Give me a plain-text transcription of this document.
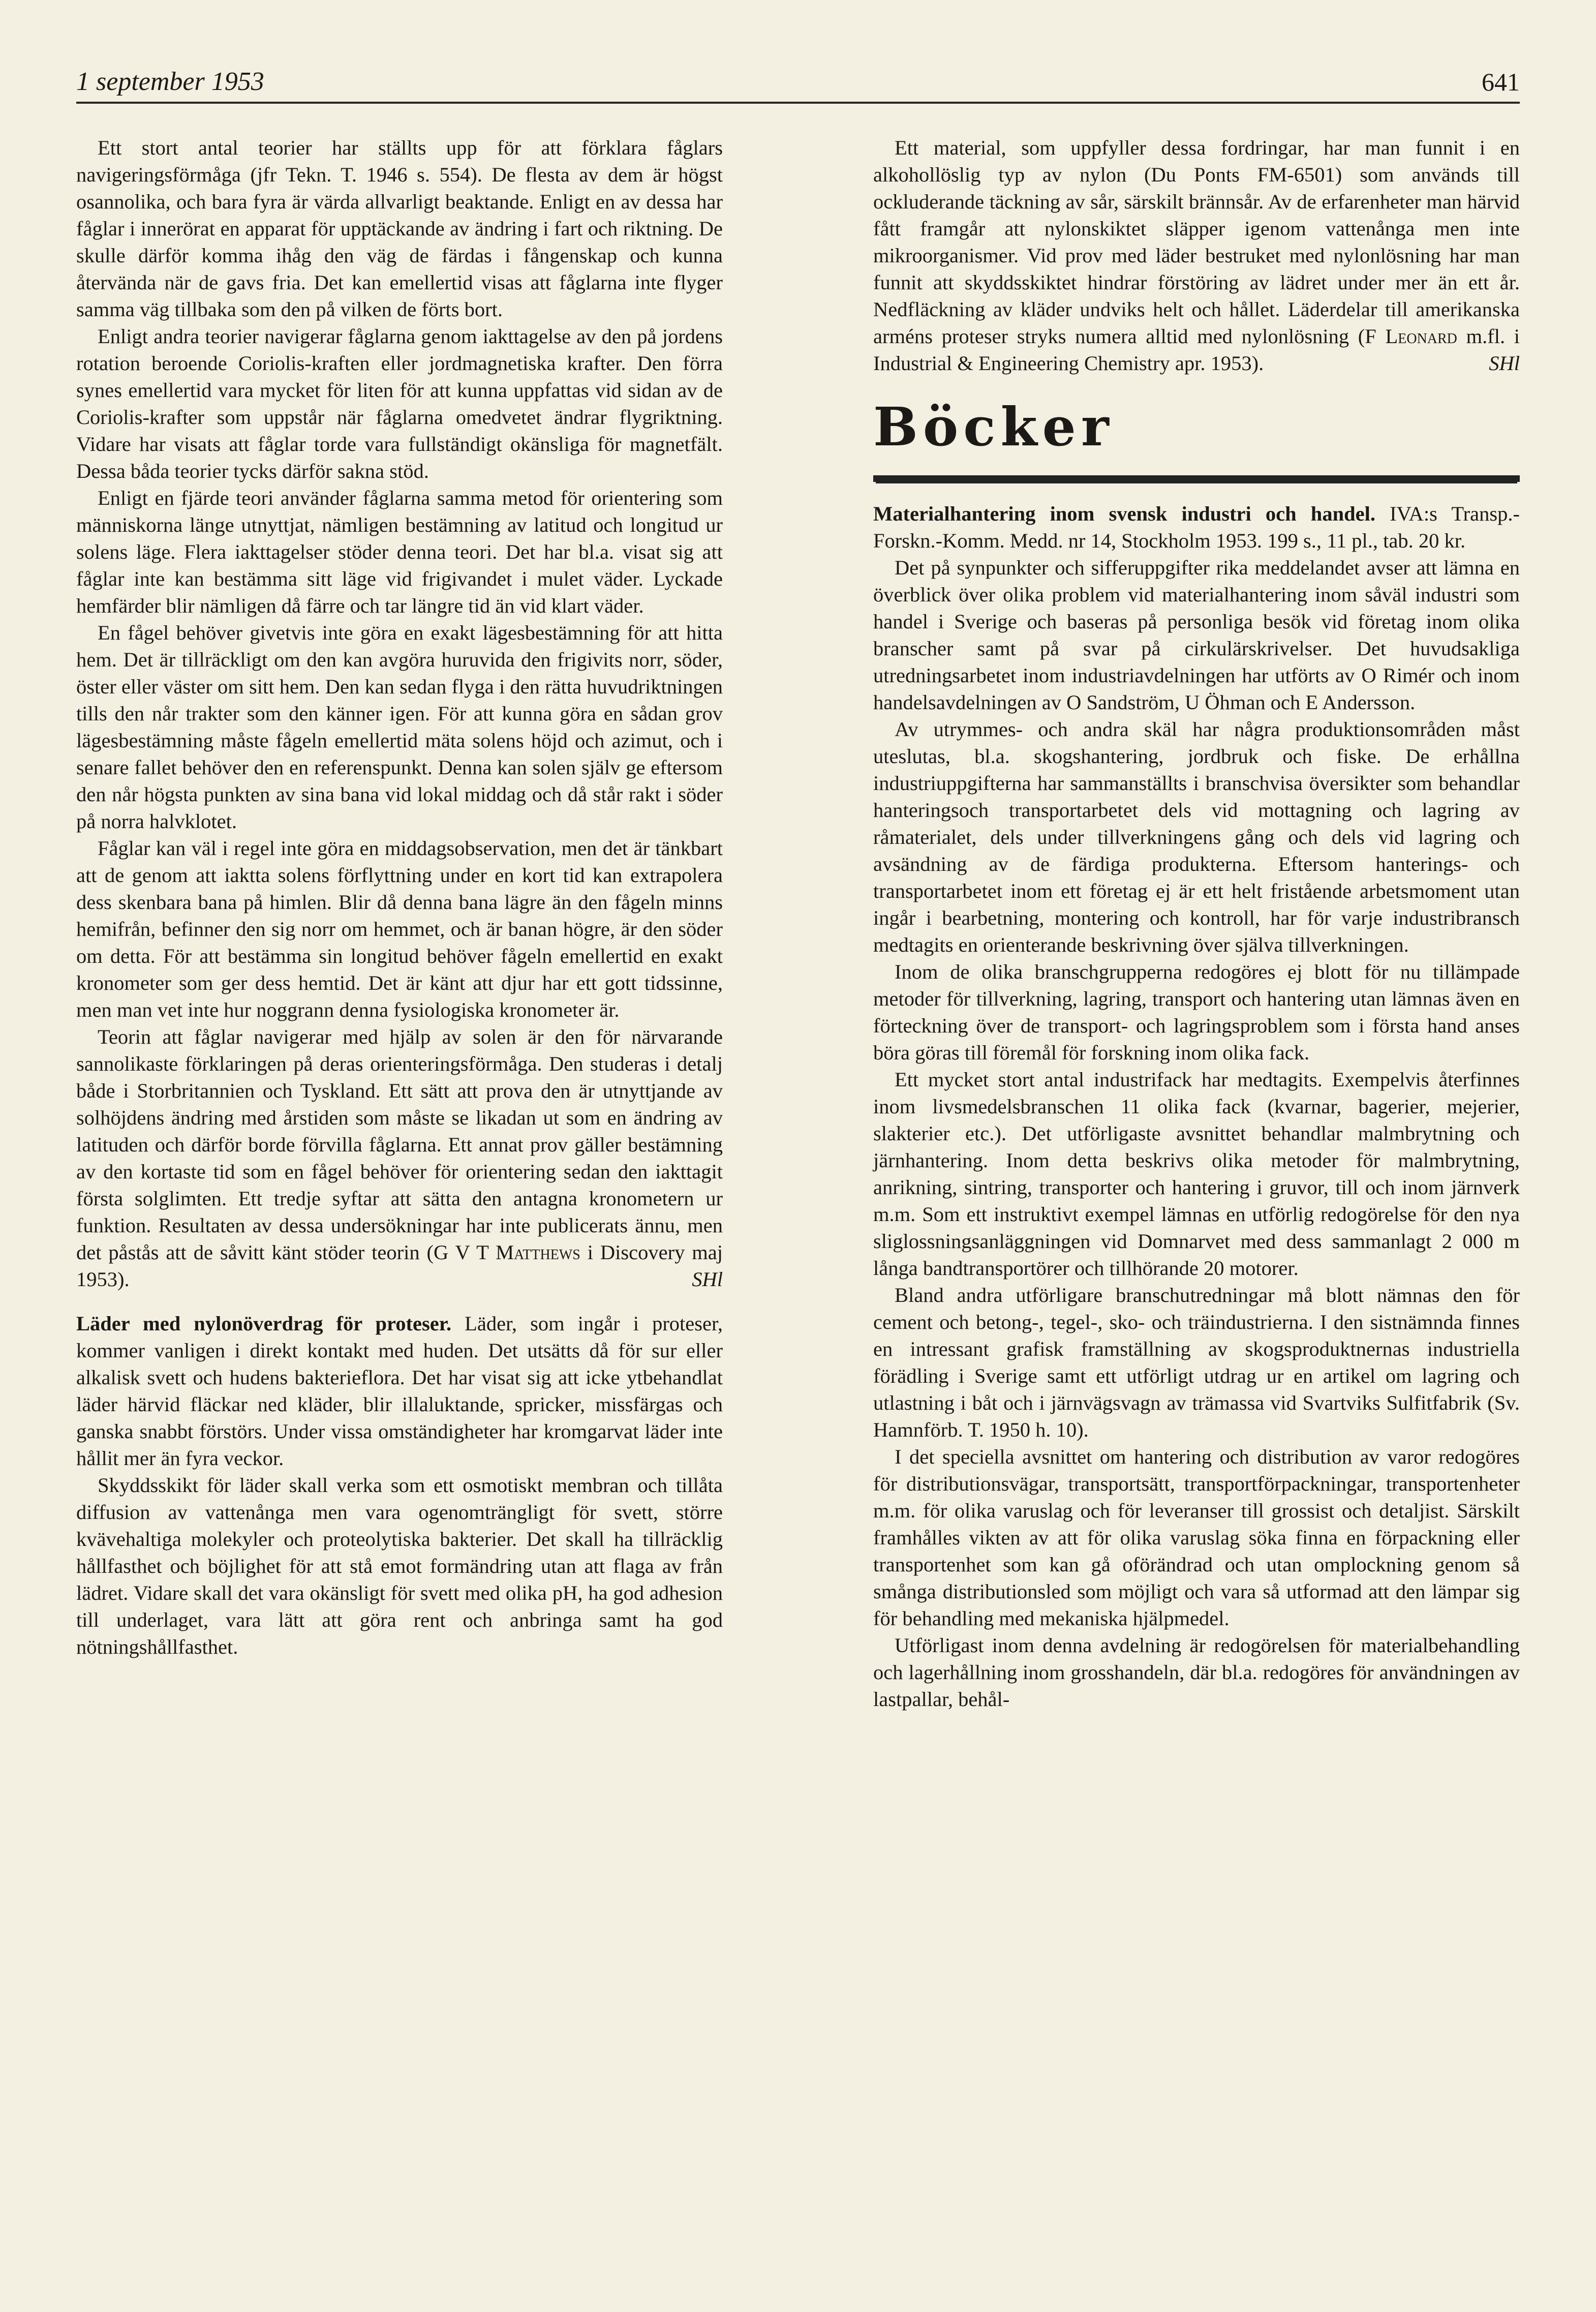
1 september 1953	641

Ett stort antal teorier har ställts upp för att förklara fåglars navigeringsförmåga (jfr Tekn. T. 1946 s. 554). De flesta av dem är högst osannolika, och bara fyra är värda allvarligt beaktande. Enligt en av dessa har fåglar i innerörat en apparat för upptäckande av ändring i fart och riktning. De skulle därför komma ihåg den väg de färdas i fångenskap och kunna återvända när de gavs fria. Det kan emellertid visas att fåglarna inte flyger samma väg tillbaka som den på vilken de förts bort.

Enligt andra teorier navigerar fåglarna genom iakttagelse av den på jordens rotation beroende Coriolis-kraften eller jordmagnetiska krafter. Den förra synes emellertid vara mycket för liten för att kunna uppfattas vid sidan av de Coriolis-krafter som uppstår när fåglarna omedvetet ändrar flygriktning. Vidare har visats att fåglar torde vara fullständigt okänsliga för magnetfält. Dessa båda teorier tycks därför sakna stöd.

Enligt en fjärde teori använder fåglarna samma metod för orientering som människorna länge utnyttjat, nämligen bestämning av latitud och longitud ur solens läge. Flera iakttagelser stöder denna teori. Det har bl.a. visat sig att fåglar inte kan bestämma sitt läge vid frigivandet i mulet väder. Lyckade hemfärder blir nämligen då färre och tar längre tid än vid klart väder.

En fågel behöver givetvis inte göra en exakt lägesbestämning för att hitta hem. Det är tillräckligt om den kan avgöra huruvida den frigivits norr, söder, öster eller väster om sitt hem. Den kan sedan flyga i den rätta huvudriktningen tills den når trakter som den känner igen. För att kunna göra en sådan grov lägesbestämning måste fågeln emellertid mäta solens höjd och azimut, och i senare fallet behöver den en referenspunkt. Denna kan solen själv ge eftersom den når högsta punkten av sina bana vid lokal middag och då står rakt i söder på norra halvklotet.

Fåglar kan väl i regel inte göra en middagsobservation, men det är tänkbart att de genom att iaktta solens förflyttning under en kort tid kan extrapolera dess skenbara bana på himlen. Blir då denna bana lägre än den fågeln minns hemifrån, befinner den sig norr om hemmet, och är banan högre, är den söder om detta. För att bestämma sin longitud behöver fågeln emellertid en exakt kronometer som ger dess hemtid. Det är känt att djur har ett gott tidssinne, men man vet inte hur noggrann denna fysiologiska kronometer är.

Teorin att fåglar navigerar med hjälp av solen är den för närvarande sannolikaste förklaringen på deras orienteringsförmåga. Den studeras i detalj både i Storbritannien och Tyskland. Ett sätt att prova den är utnyttjande av solhöjdens ändring med årstiden som måste se likadan ut som en ändring av latituden och därför borde förvilla fåglarna. Ett annat prov gäller bestämning av den kortaste tid som en fågel behöver för orientering sedan den iakttagit första solglimten. Ett tredje syftar att sätta den antagna kronometern ur funktion. Resultaten av dessa undersökningar har inte publicerats ännu, men det påstås att de såvitt känt stöder teorin (G V T Matthews i Discovery maj 1953).	SHl

Läder med nylonöverdrag för proteser. Läder, som ingår i proteser, kommer vanligen i direkt kontakt med huden. Det utsätts då för sur eller alkalisk svett och hudens bakterieflora. Det har visat sig att icke ytbehandlat läder härvid fläckar ned kläder, blir illaluktande, spricker, missfärgas och ganska snabbt förstörs. Under vissa omständigheter har kromgarvat läder inte hållit mer än fyra veckor.

Skyddsskikt för läder skall verka som ett osmotiskt membran och tillåta diffusion av vattenånga men vara ogenomträngligt för svett, större kvävehaltiga molekyler och proteolytiska bakterier. Det skall ha tillräcklig hållfasthet och böjlighet för att stå emot formändring utan att flaga av från lädret. Vidare skall det vara okänsligt för svett med olika pH, ha god adhesion till underlaget, vara lätt att göra rent och anbringa samt ha god nötningshållfasthet.

Ett material, som uppfyller dessa fordringar, har man funnit i en alkohollöslig typ av nylon (Du Ponts FM-6501) som används till ockluderande täckning av sår, särskilt brännsår. Av de erfarenheter man härvid fått framgår att nylonskiktet släpper igenom vattenånga men inte mikroorganismer. Vid prov med läder bestruket med nylonlösning har man funnit att skyddsskiktet hindrar förstöring av lädret under mer än ett år. Nedfläckning av kläder undviks helt och hållet. Läderdelar till amerikanska arméns proteser stryks numera alltid med nylonlösning (F Leonard m.fl. i Industrial & Engineering Chemistry apr. 1953).	SHl

Böcker

Materialhantering inom svensk industri och handel. IVA:s Transp.-Forskn.-Komm. Medd. nr 14, Stockholm 1953. 199 s., 11 pl., tab. 20 kr.

Det på synpunkter och sifferuppgifter rika meddelandet avser att lämna en överblick över olika problem vid materialhantering inom såväl industri som handel i Sverige och baseras på personliga besök vid företag inom olika branscher samt på svar på cirkulärskrivelser. Det huvudsakliga utredningsarbetet inom industriavdelningen har utförts av O Rimér och inom handelsavdelningen av O Sandström, U Öhman och E Andersson.

Av utrymmes- och andra skäl har några produktionsområden måst uteslutas, bl.a. skogshantering, jordbruk och fiske. De erhållna industriuppgifterna har sammanställts i branschvisa översikter som behandlar hanteringsoch transportarbetet dels vid mottagning och lagring av råmaterialet, dels under tillverkningens gång och dels vid lagring och avsändning av de färdiga produkterna. Eftersom hanterings- och transportarbetet inom ett företag ej är ett helt fristående arbetsmoment utan ingår i bearbetning, montering och kontroll, har för varje industribransch medtagits en orienterande beskrivning över själva tillverkningen.

Inom de olika branschgrupperna redogöres ej blott för nu tillämpade metoder för tillverkning, lagring, transport och hantering utan lämnas även en förteckning över de transport- och lagringsproblem som i första hand anses böra göras till föremål för forskning inom olika fack.

Ett mycket stort antal industrifack har medtagits. Exempelvis återfinnes inom livsmedelsbranschen 11 olika fack (kvarnar, bagerier, mejerier, slakterier etc.). Det utförligaste avsnittet behandlar malmbrytning och järnhantering. Inom detta beskrivs olika metoder för malmbrytning, anrikning, sintring, transporter och hantering i gruvor, till och inom järnverk m.m. Som ett instruktivt exempel lämnas en utförlig redogörelse för den nya sliglossningsanläggningen vid Domnarvet med dess sammanlagt 2 000 m långa bandtransportörer och tillhörande 20 motorer.

Bland andra utförligare branschutredningar må blott nämnas den för cement och betong-, tegel-, sko- och träindustrierna. I den sistnämnda finnes en intressant grafisk framställning av skogsproduktnernas industriella förädling i Sverige samt ett utförligt utdrag ur en artikel om lagring och utlastning i båt och i järnvägsvagn av trämassa vid Svartviks Sulfitfabrik (Sv. Hamnförb. T. 1950 h. 10).

I det speciella avsnittet om hantering och distribution av varor redogöres för distributionsvägar, transportsätt, transportförpackningar, transportenheter m.m. för olika varuslag och för leveranser till grossist och detaljist. Särskilt framhålles vikten av att för olika varuslag söka finna en förpackning eller transportenhet som kan gå oförändrad och utan omplockning genom så smånga distributionsled som möjligt och vara så utformad att den lämpar sig för behandling med mekaniska hjälpmedel.

Utförligast inom denna avdelning är redogörelsen för materialbehandling och lagerhållning inom grosshandeln, där bl.a. redogöres för användningen av lastpallar, behål-
